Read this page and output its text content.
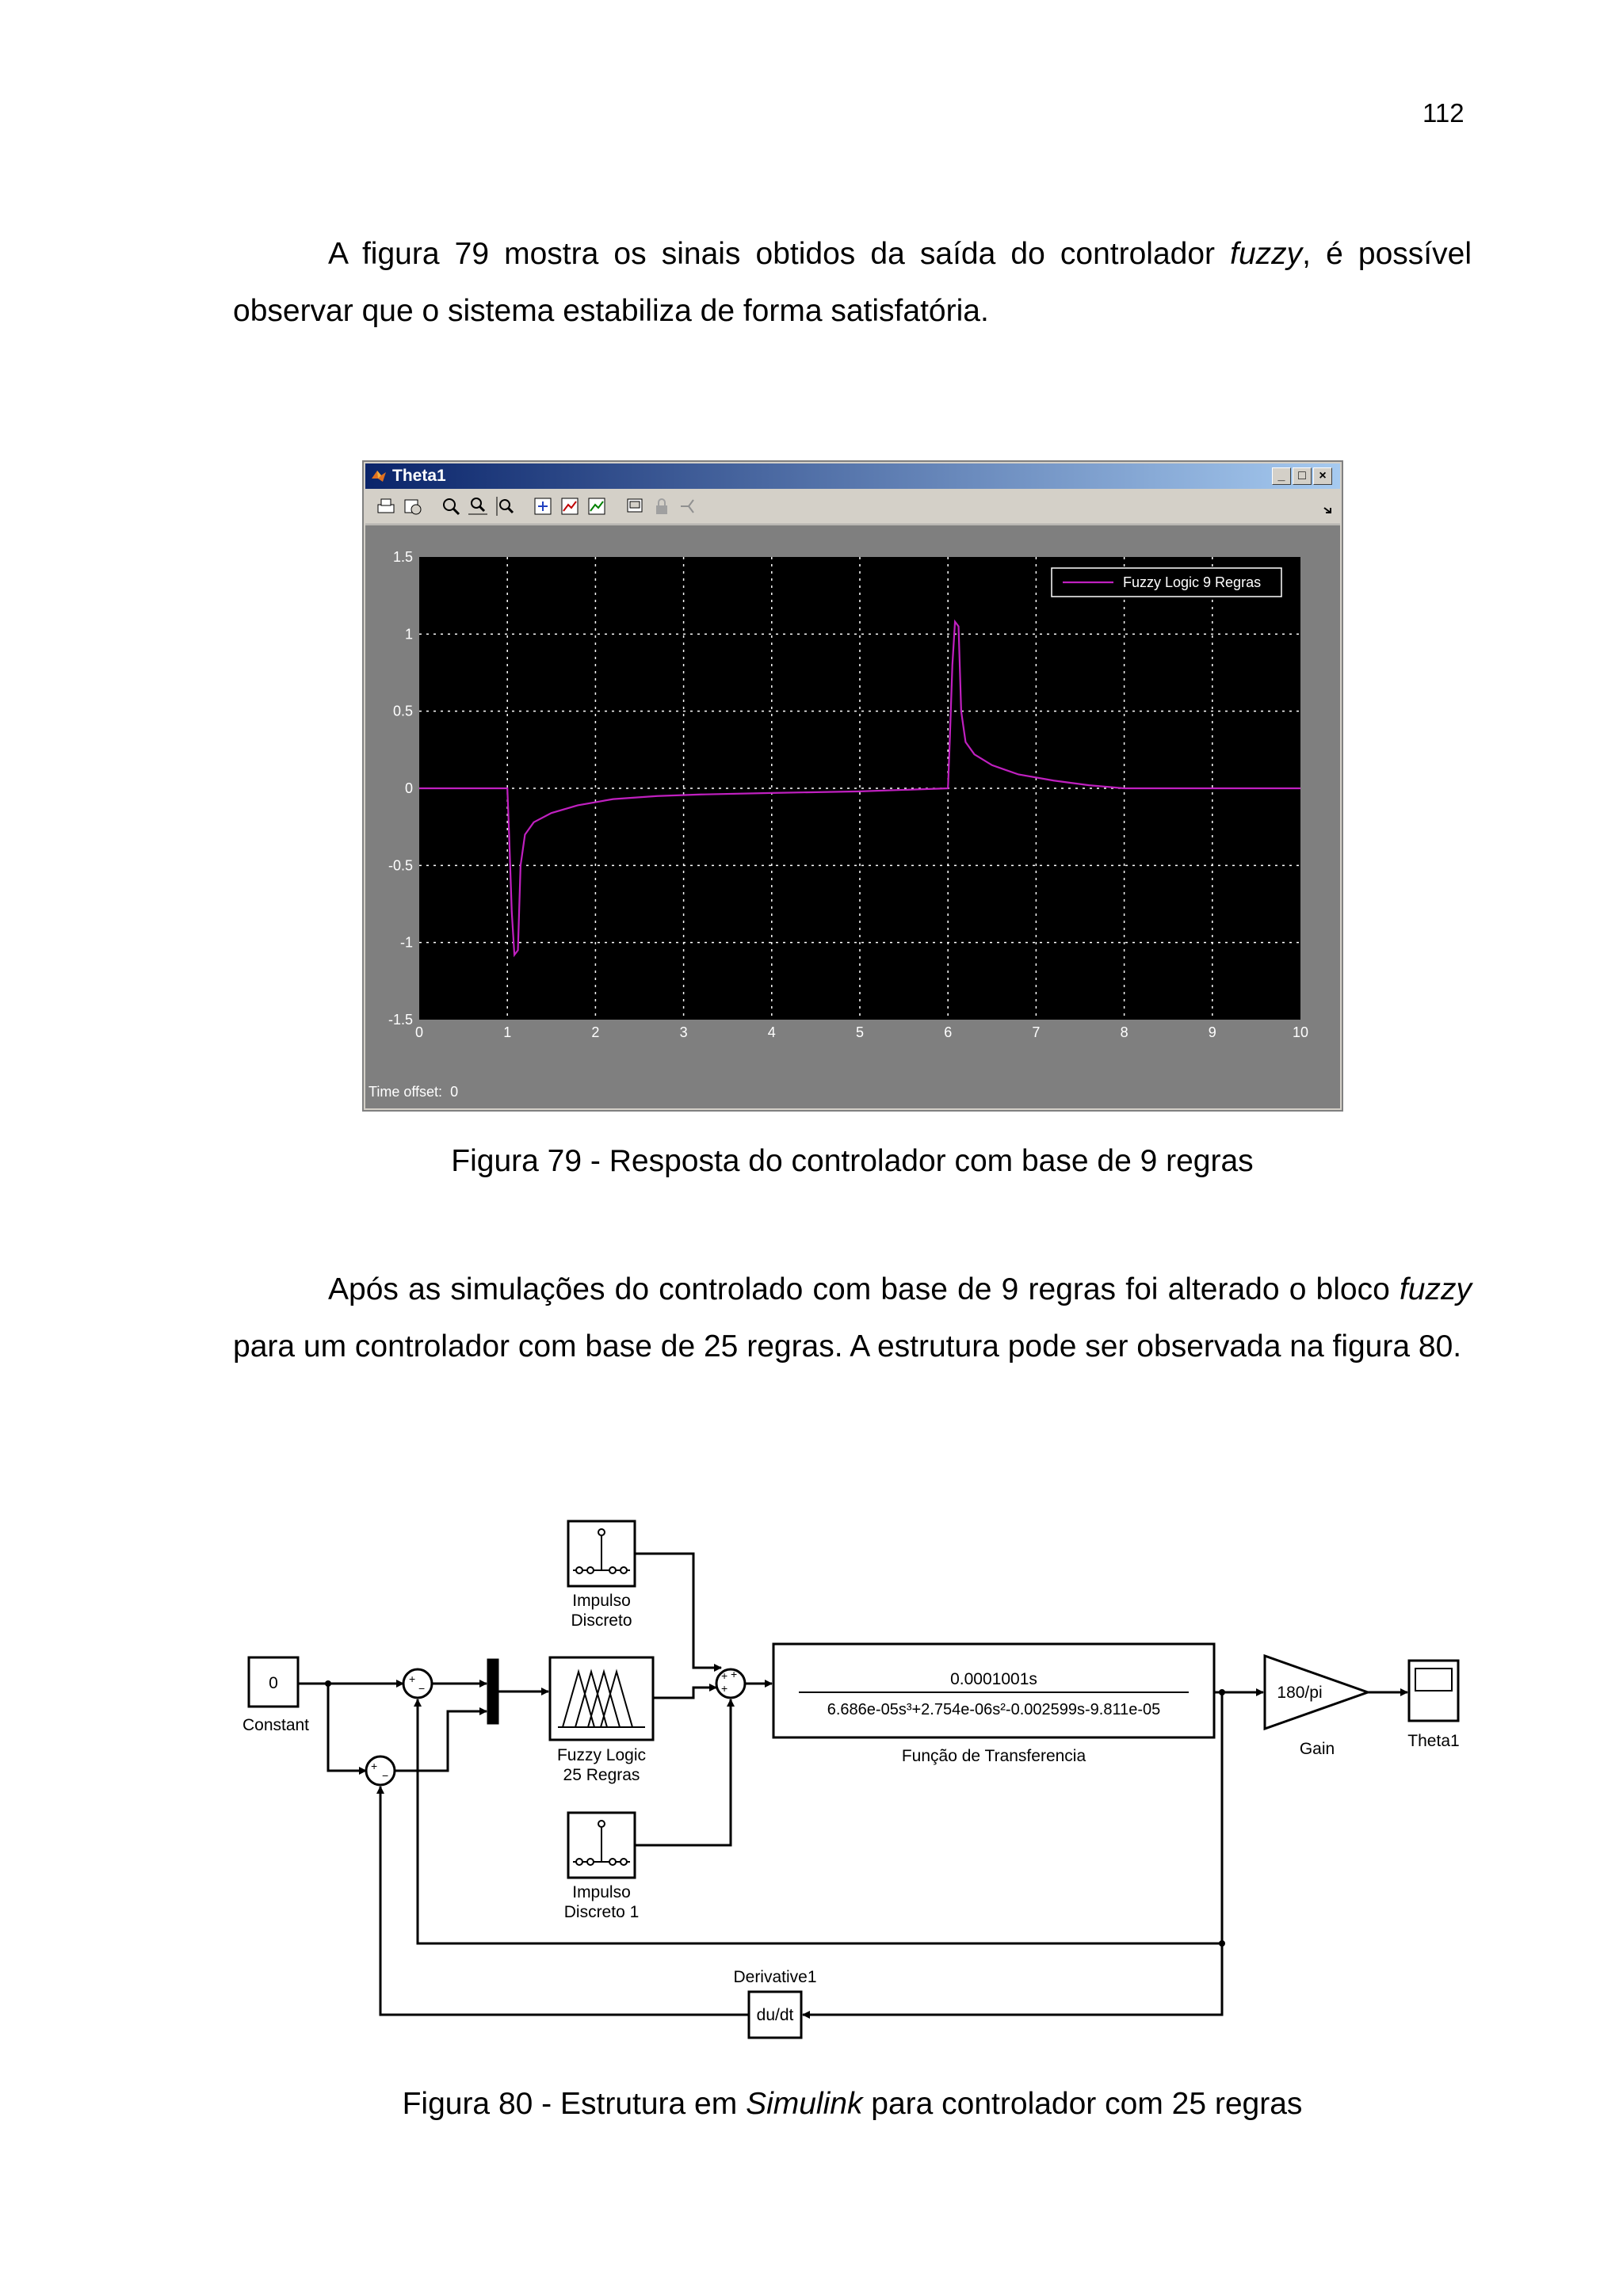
112
A figura 79 mostra os sinais obtidos da saída do controlador fuzzy, é possível observar que o sistema estabiliza de forma satisfatória.
Theta1	_	□	×
0	1	2	3	4	5	6	7	8	9	10
1.5
1
0.5
0
-0.5
-1
-1.5
Fuzzy Logic 9 Regras
Time offset: 0
Figura 79 - Resposta do controlador com base de 9 regras
Após as simulações do controlado com base de 9 regras foi alterado o bloco fuzzy para um controlador com base de 25 regras. A estrutura pode ser observada na figura 80.
+
−
+
−
+
+
+
0
Constant
Impulso
Discreto
Fuzzy Logic
25 Regras
Impulso
Discreto 1
0.0001001s
6.686e-05s³+2.754e-06s²-0.002599s-9.811e-05
Função de Transferencia
180/pi
Gain	Theta1
Derivative1
du/dt
Figura 80 - Estrutura em Simulink para controlador com 25 regras
